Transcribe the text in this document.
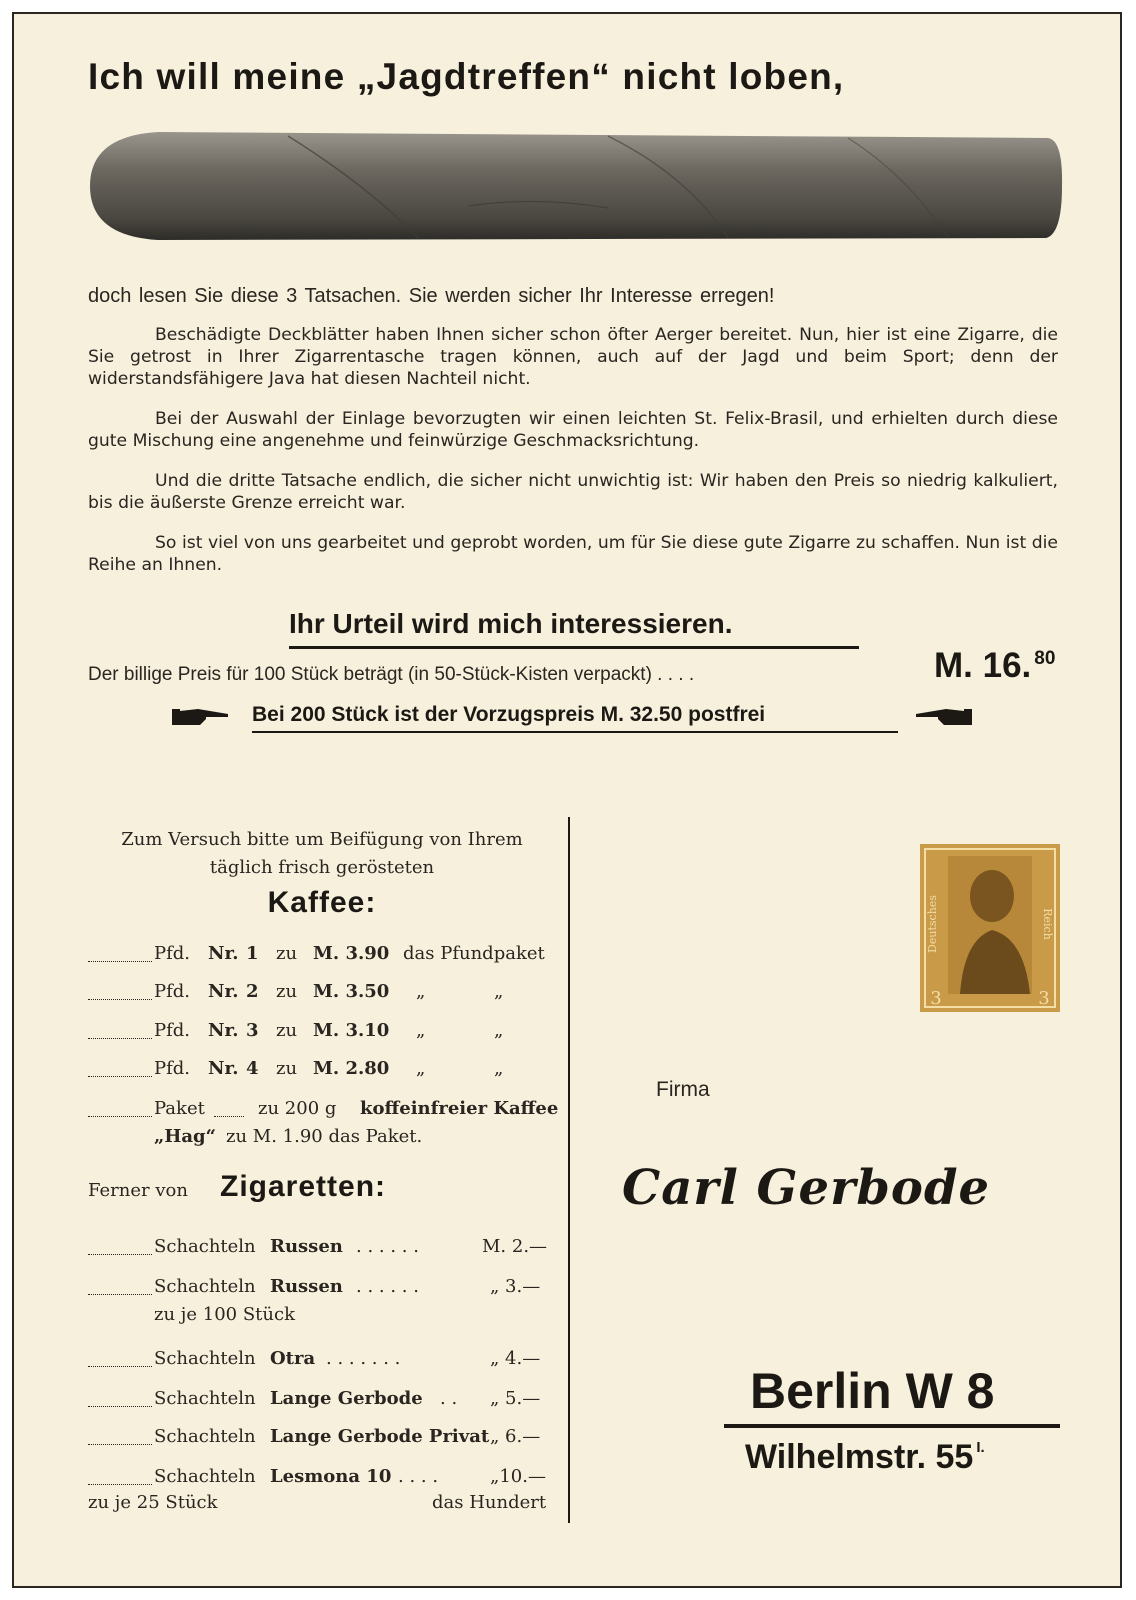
Ich will meine „Jagdtreffen“ nicht loben,
doch lesen Sie diese 3 Tatsachen. Sie werden sicher Ihr Interesse erregen!

Beschädigte Deckblätter haben Ihnen sicher schon öfter Aerger bereitet. Nun, hier ist eine Zigarre, die Sie getrost in Ihrer Zigarrentasche tragen können, auch auf der Jagd und beim Sport; denn der widerstandsfähigere Java hat diesen Nachteil nicht.

Bei der Auswahl der Einlage bevorzugten wir einen leichten St. Felix-Brasil, und erhielten durch diese gute Mischung eine angenehme und feinwürzige Geschmacksrichtung.

Und die dritte Tatsache endlich, die sicher nicht unwichtig ist: Wir haben den Preis so niedrig kalkuliert, bis die äußerste Grenze erreicht war.

So ist viel von uns gearbeitet und geprobt worden, um für Sie diese gute Zigarre zu schaffen. Nun ist die Reihe an Ihnen.

Ihr Urteil wird mich interessieren.
Der billige Preis für 100 Stück beträgt (in 50-Stück-Kisten verpackt) . . . .	M. 16. $^{80}$
Bei 200 Stück ist der Vorzugspreis M. 32.50 postfrei
Zum Versuch bitte um Beifügung von Ihrem
täglich frisch gerösteten
Kaffee:
Pfd. Nr. 1 zu M. 3.90 das Pfundpaket
Pfd. Nr. 2 zu M. 3.50 „	„
Pfd. Nr. 3 zu M. 3.10 „	„
Pfd. Nr. 4 zu M. 2.80 „	„
Paket	zu 200 g koffeinfreier Kaffee
„Hag“ zu M. 1.90 das Paket.
Ferner von Zigaretten:
Schachteln Russen . . . . . .	M. 2.—
Schachteln Russen . . . . . .	„ 3.—
zu je 100 Stück
Schachteln Otra . . . . . . .	„ 4.—
Schachteln Lange Gerbode . . „ 5.—
Schachteln Lange Gerbode Privat „ 6.—
Schachteln Lesmona 10 . . . .	„10.—
zu je 25 Stück	das Hundert
Deutsches	Reich
3	3
Firma
Carl Gerbode
Berlin W 8
Wilhelmstr. 55 $^{I.}$
